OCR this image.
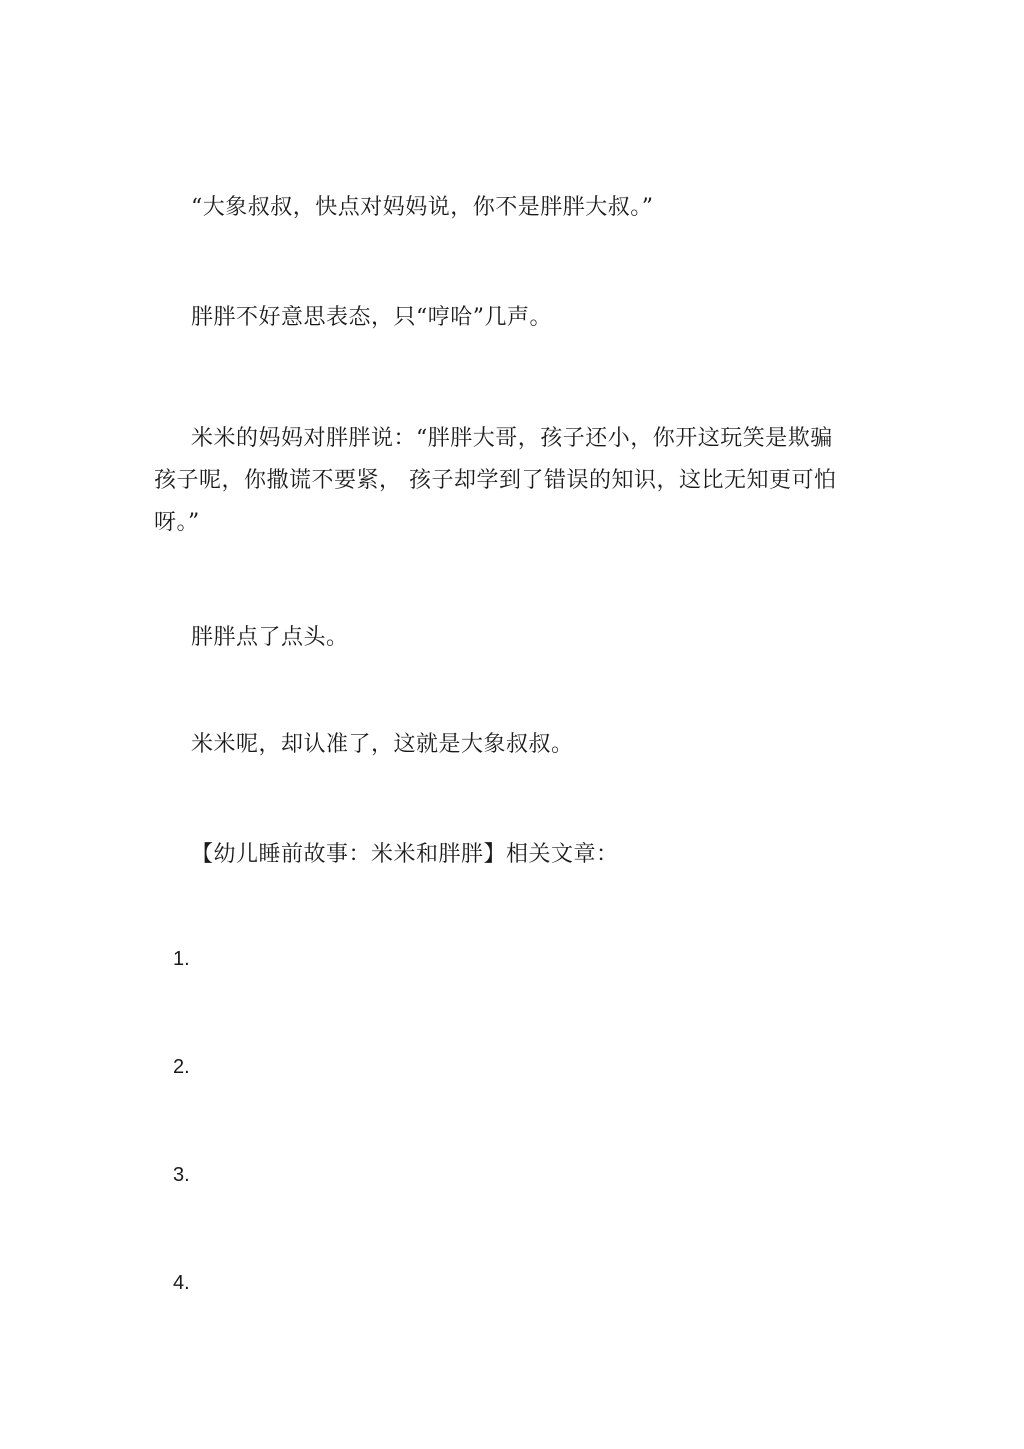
“大象叔叔，快点对妈妈说，你不是胖胖大叔。”

胖胖不好意思表态，只“哼哈”几声。

米米的妈妈对胖胖说：“胖胖大哥，孩子还小，你开这玩笑是欺骗孩子呢，你撒谎不要紧， 孩子却学到了错误的知识，这比无知更可怕呀。”

胖胖点了点头。

米米呢，却认准了，这就是大象叔叔。

【幼儿睡前故事：米米和胖胖】相关文章：

1.

2.

3.

4.
